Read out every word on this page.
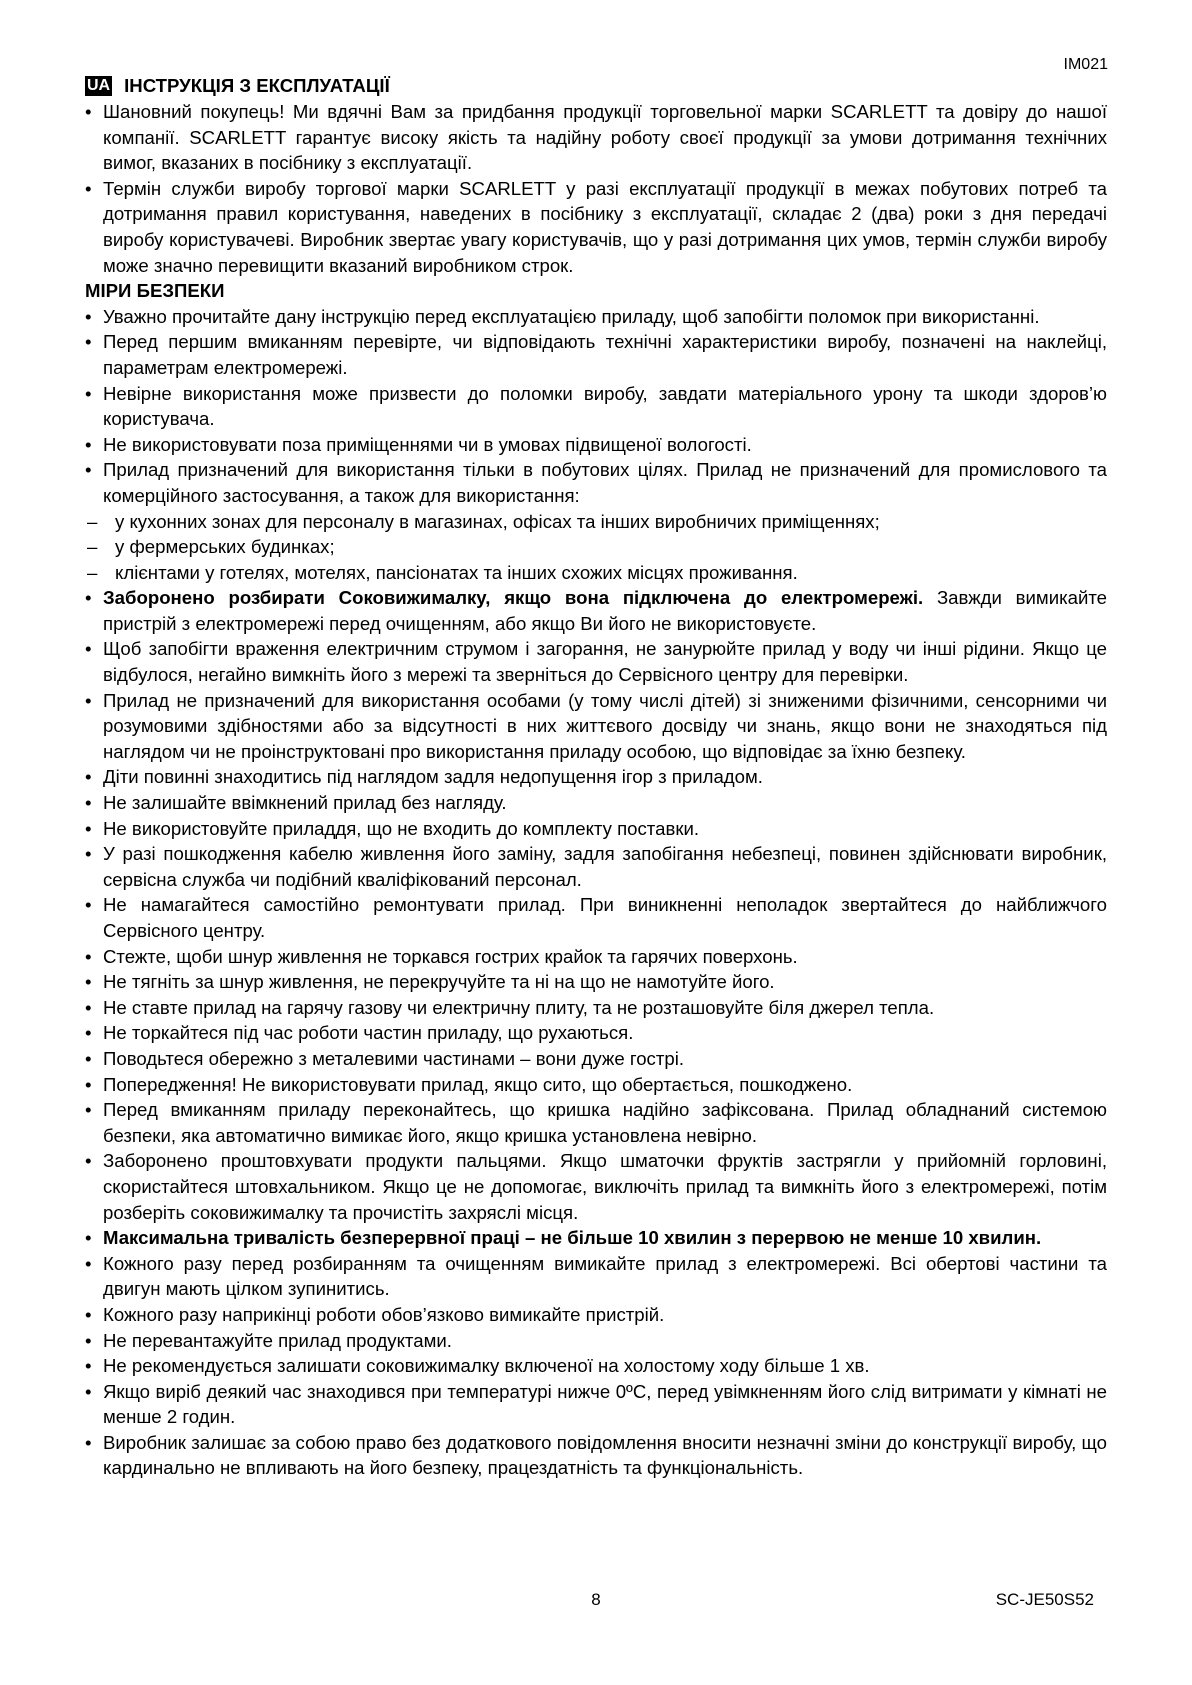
IM021
UA ІНСТРУКЦІЯ З ЕКСПЛУАТАЦІЇ
• Шановний покупець! Ми вдячні Вам за придбання продукції торговельної марки SCARLETT та довіру до нашої компанії. SCARLETT гарантує високу якість та надійну роботу своєї продукції за умови дотримання технічних вимог, вказаних в посібнику з експлуатації.
• Термін служби виробу торгової марки SCARLETT у разі експлуатації продукції в межах побутових потреб та дотримання правил користування, наведених в посібнику з експлуатації, складає 2 (два) роки з дня передачі виробу користувачеві. Виробник звертає увагу користувачів, що у разі дотримання цих умов, термін служби виробу може значно перевищити вказаний виробником строк.
МІРИ БЕЗПЕКИ
• Уважно прочитайте дану інструкцію перед експлуатацією приладу, щоб запобігти поломок при використанні.
• Перед першим вмиканням перевірте, чи відповідають технічні характеристики виробу, позначені на наклейці, параметрам електромережі.
• Невірне використання може призвести до поломки виробу, завдати матеріального урону та шкоди здоров’ю користувача.
• Не використовувати поза приміщеннями чи в умовах підвищеної вологості.
• Прилад призначений для використання тільки в побутових цілях. Прилад не призначений для промислового та комерційного застосування, а також для використання:
– у кухонних зонах для персоналу в магазинах, офісах та інших виробничих приміщеннях;
– у фермерських будинках;
– клієнтами у готелях, мотелях, пансіонатах та інших схожих місцях проживання.
• Заборонено розбирати Соковижималку, якщо вона підключена до електромережі. Завжди вимикайте пристрій з електромережі перед очищенням, або якщо Ви його не використовуєте.
• Щоб запобігти враження електричним струмом і загорання, не занурюйте прилад у воду чи інші рідини. Якщо це відбулося, негайно вимкніть його з мережі та зверніться до Сервісного центру для перевірки.
• Прилад не призначений для використання особами (у тому числі дітей) зі зниженими фізичними, сенсорними чи розумовими здібностями або за відсутності в них життєвого досвіду чи знань, якщо вони не знаходяться під наглядом чи не проінструктовані про використання приладу особою, що відповідає за їхню безпеку.
• Діти повинні знаходитись під наглядом задля недопущення ігор з приладом.
• Не залишайте ввімкнений прилад без нагляду.
• Не використовуйте приладдя, що не входить до комплекту поставки.
• У разі пошкодження кабелю живлення його заміну, задля запобігання небезпеці, повинен здійснювати виробник, сервісна служба чи подібний кваліфікований персонал.
• Не намагайтеся самостійно ремонтувати прилад. При виникненні неполадок звертайтеся до найближчого Сервісного центру.
• Стежте, щоби шнур живлення не торкався гострих крайок та гарячих поверхонь.
• Не тягніть за шнур живлення, не перекручуйте та ні на що не намотуйте його.
• Не ставте прилад на гарячу газову чи електричну плиту, та не розташовуйте біля джерел тепла.
• Не торкайтеся під час роботи частин приладу, що рухаються.
• Поводьтеся обережно з металевими частинами – вони дуже гострі.
• Попередження! Не використовувати прилад, якщо сито, що обертається, пошкоджено.
• Перед вмиканням приладу переконайтесь, що кришка надійно зафіксована. Прилад обладнаний системою безпеки, яка автоматично вимикає його, якщо кришка установлена невірно.
• Заборонено проштовхувати продукти пальцями. Якщо шматочки фруктів застрягли у прийомній горловині, скористайтеся штовхальником. Якщо це не допомогає, виключіть прилад та вимкніть його з електромережі, потім розберіть соковижималку та прочистіть захряслі місця.
• Максимальна тривалість безперервної праці – не більше 10 хвилин з перервою не менше 10 хвилин.
• Кожного разу перед розбиранням та очищенням вимикайте прилад з електромережі. Всі обертові частини та двигун мають цілком зупинитись.
• Кожного разу наприкінці роботи обов’язково вимикайте пристрій.
• Не перевантажуйте прилад продуктами.
• Не рекомендується залишати соковижималку включеної на холостому ходу більше 1 хв.
• Якщо виріб деякий час знаходився при температурі нижче 0ºС, перед увімкненням його слід витримати у кімнаті не менше 2 годин.
• Виробник залишає за собою право без додаткового повідомлення вносити незначні зміни до конструкції виробу, що кардинально не впливають на його безпеку, працездатність та функціональність.
8	SC-JE50S52
